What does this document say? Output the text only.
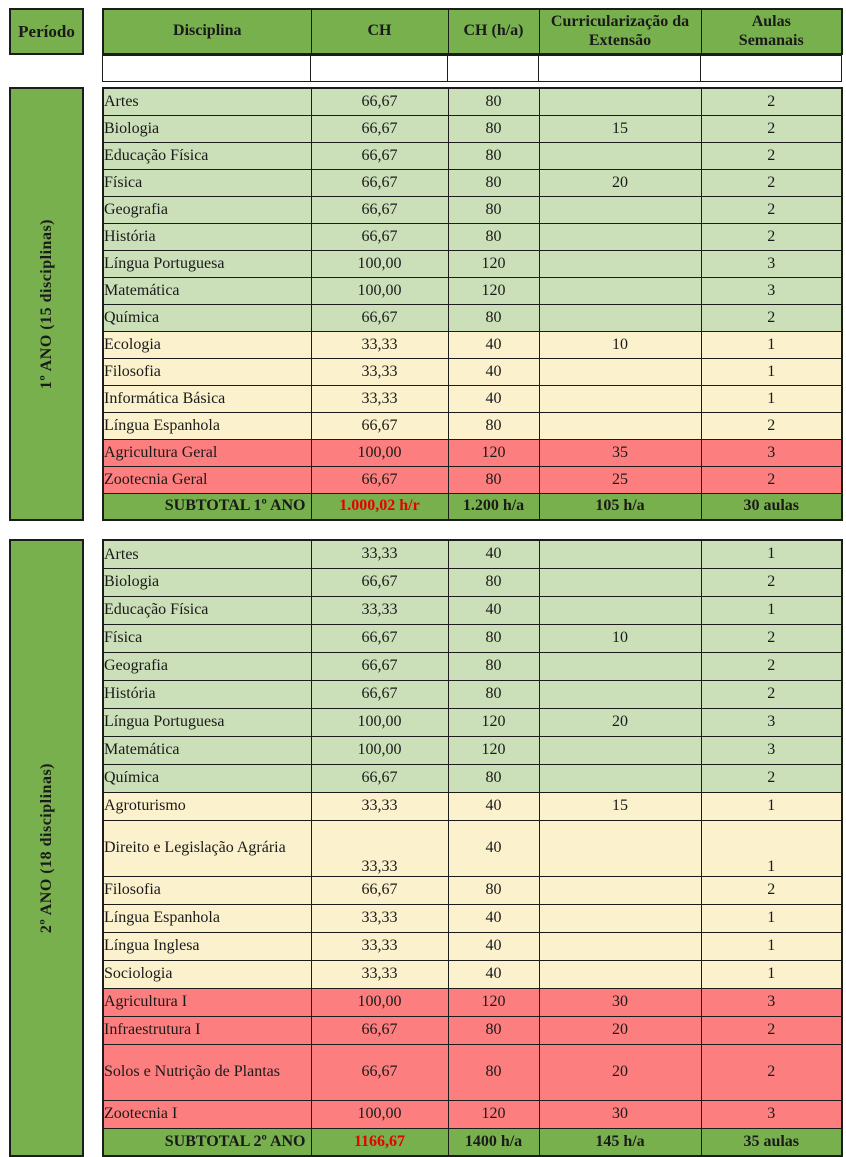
Período	Disciplina	CH	CH (h/a)	Curricularização da Extensão	Aulas Semanais

1º ANO (15 disciplinas)
Artes	66,67	80		2
Biologia	66,67	80	15	2
Educação Física	66,67	80		2
Física	66,67	80	20	2
Geografia	66,67	80		2
História	66,67	80		2
Língua Portuguesa	100,00	120		3
Matemática	100,00	120		3
Química	66,67	80		2
Ecologia	33,33	40	10	1
Filosofia	33,33	40		1
Informática Básica	33,33	40		1
Língua Espanhola	66,67	80		2
Agricultura Geral	100,00	120	35	3
Zootecnia Geral	66,67	80	25	2
SUBTOTAL 1º ANO	1.000,02 h/r	1.200 h/a	105 h/a	30 aulas
2º ANO (18 disciplinas)
Artes	33,33	40		1
Biologia	66,67	80		2
Educação Física	33,33	40		1
Física	66,67	80	10	2
Geografia	66,67	80		2
História	66,67	80		2
Língua Portuguesa	100,00	120	20	3
Matemática	100,00	120		3
Química	66,67	80		2
Agroturismo	33,33	40	15	1
Direito e Legislação Agrária	33,33	40		1
Filosofia	66,67	80		2
Língua Espanhola	33,33	40		1
Língua Inglesa	33,33	40		1
Sociologia	33,33	40		1
Agricultura I	100,00	120	30	3
Infraestrutura I	66,67	80	20	2
Solos e Nutrição de Plantas	66,67	80	20	2
Zootecnia I	100,00	120	30	3
SUBTOTAL 2º ANO	1166,67	1400 h/a	145 h/a	35 aulas
